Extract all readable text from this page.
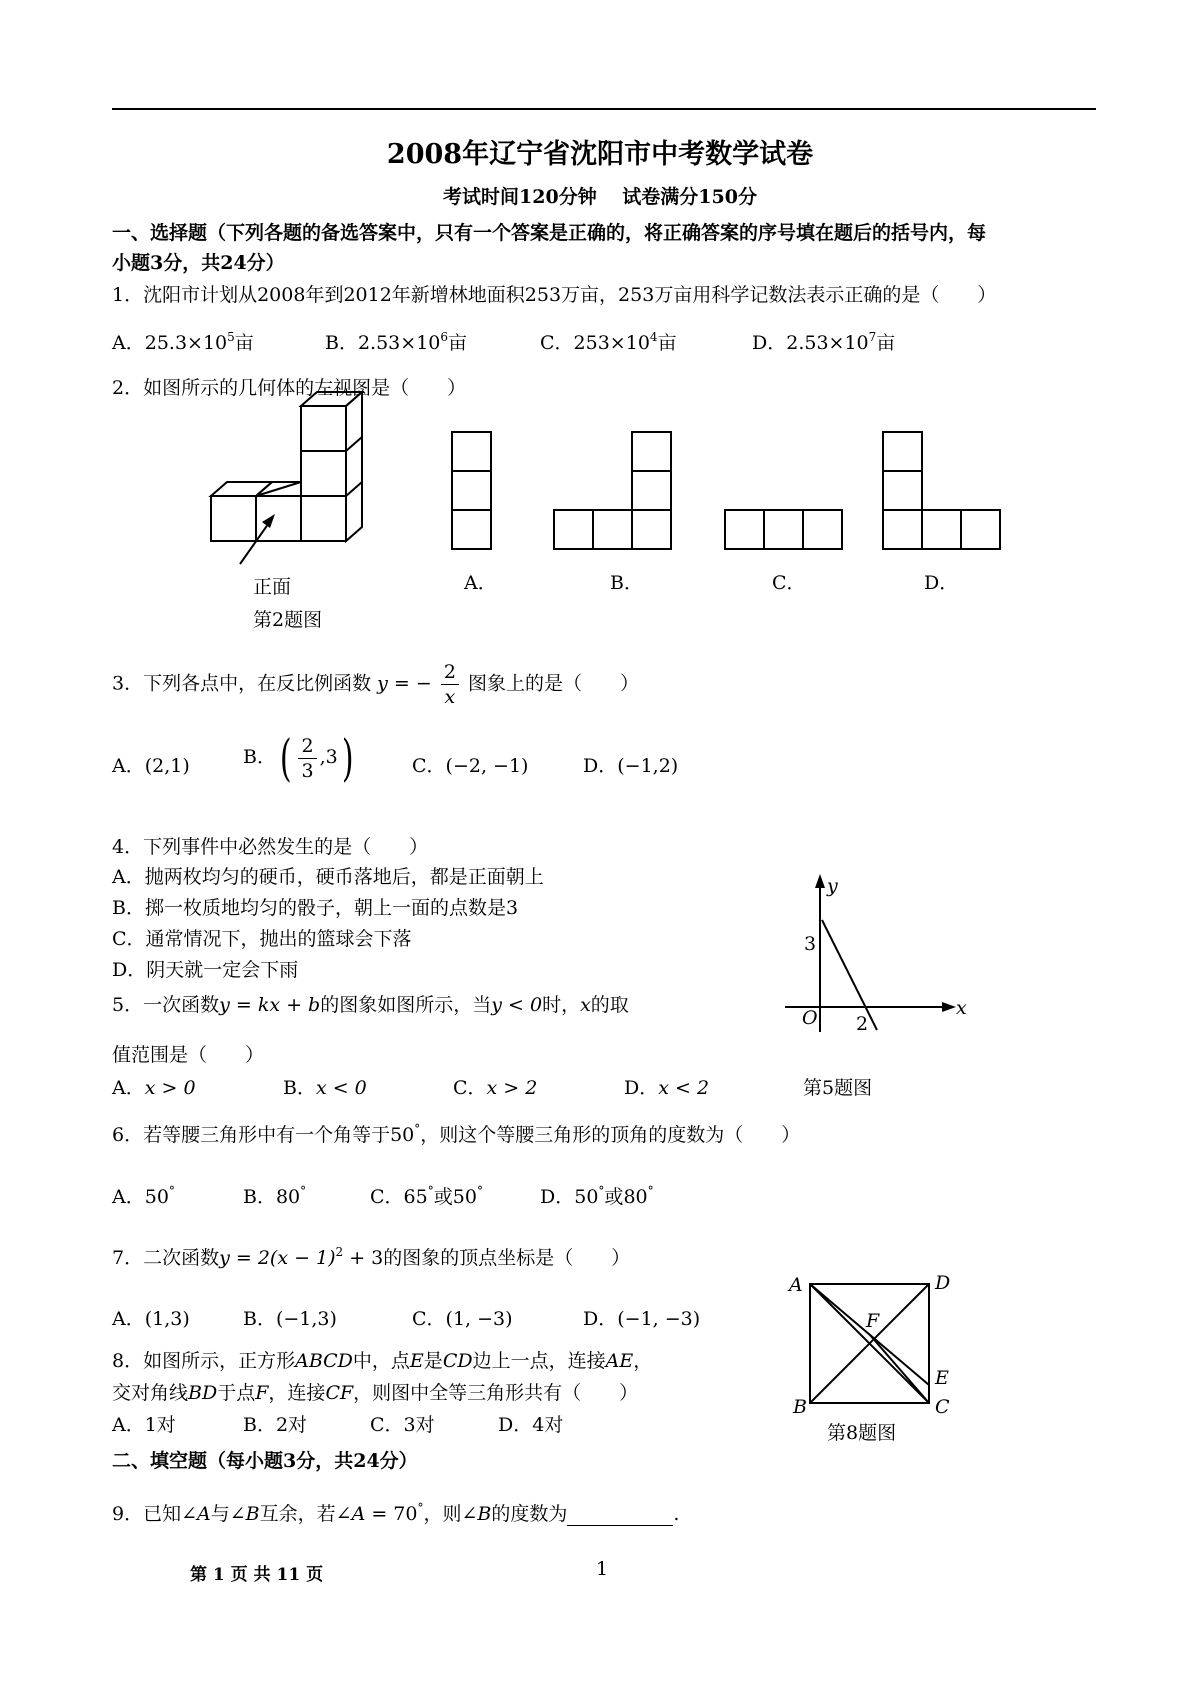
2008年辽宁省沈阳市中考数学试卷
考试时间120分钟　 试卷满分150分
一、选择题（下列各题的备选答案中，只有一个答案是正确的，将正确答案的序号填在题后的括号内，每
小题3分，共24分）
1．沈阳市计划从2008年到2012年新增林地面积253万亩，253万亩用科学记数法表示正确的是（　　）
A．$25.3\times 10^5$亩	B．$2.53\times 10^6$亩	C．$253\times 10^4$亩	D．$2.53\times 10^7$亩
2．如图所示的几何体的左视图是（　　）
正面
第2题图
A．	B．	C．	D．
3．下列各点中，在反比例函数 y = − $\frac{2}{x}$ 图象上的是（　　）
A．(2,1)	B．( $\frac{2}{3} ,3$)	C．(−2, −1)	D．(−1,2)
4．下列事件中必然发生的是（　　）
A．抛两枚均匀的硬币，硬币落地后，都是正面朝上
B．掷一枚质地均匀的骰子，朝上一面的点数是3
C．通常情况下，抛出的篮球会下落
D．阴天就一定会下雨
5．一次函数y = kx + b的图象如图所示，当y < 0时，x的取
值范围是（　　）
A．x > 0	B．x < 0	C．x > 2	D．x < 2
y
x
O
3
2
第5题图
6．若等腰三角形中有一个角等于50°，则这个等腰三角形的顶角的度数为（　　）
A．50°	B．80°	C．65°或50°	D．50°或80°
7．二次函数$y = 2(x - 1)^2 + 3$的图象的顶点坐标是（　　）
A．(1,3)	B．(−1,3)	C．(1, −3)	D．(−1, −3)
8．如图所示，正方形ABCD中，点E是CD边上一点，连接AE，
交对角线BD于点F，连接CF，则图中全等三角形共有（　　）
A．1对	B．2对	C．3对	D．4对
A	D
F
E
B	C
第8题图
二、填空题（每小题3分，共24分）
9．已知∠A与∠B互余，若∠A = 70°，则∠B的度数为	.
第 1 页 共 11 页	1
